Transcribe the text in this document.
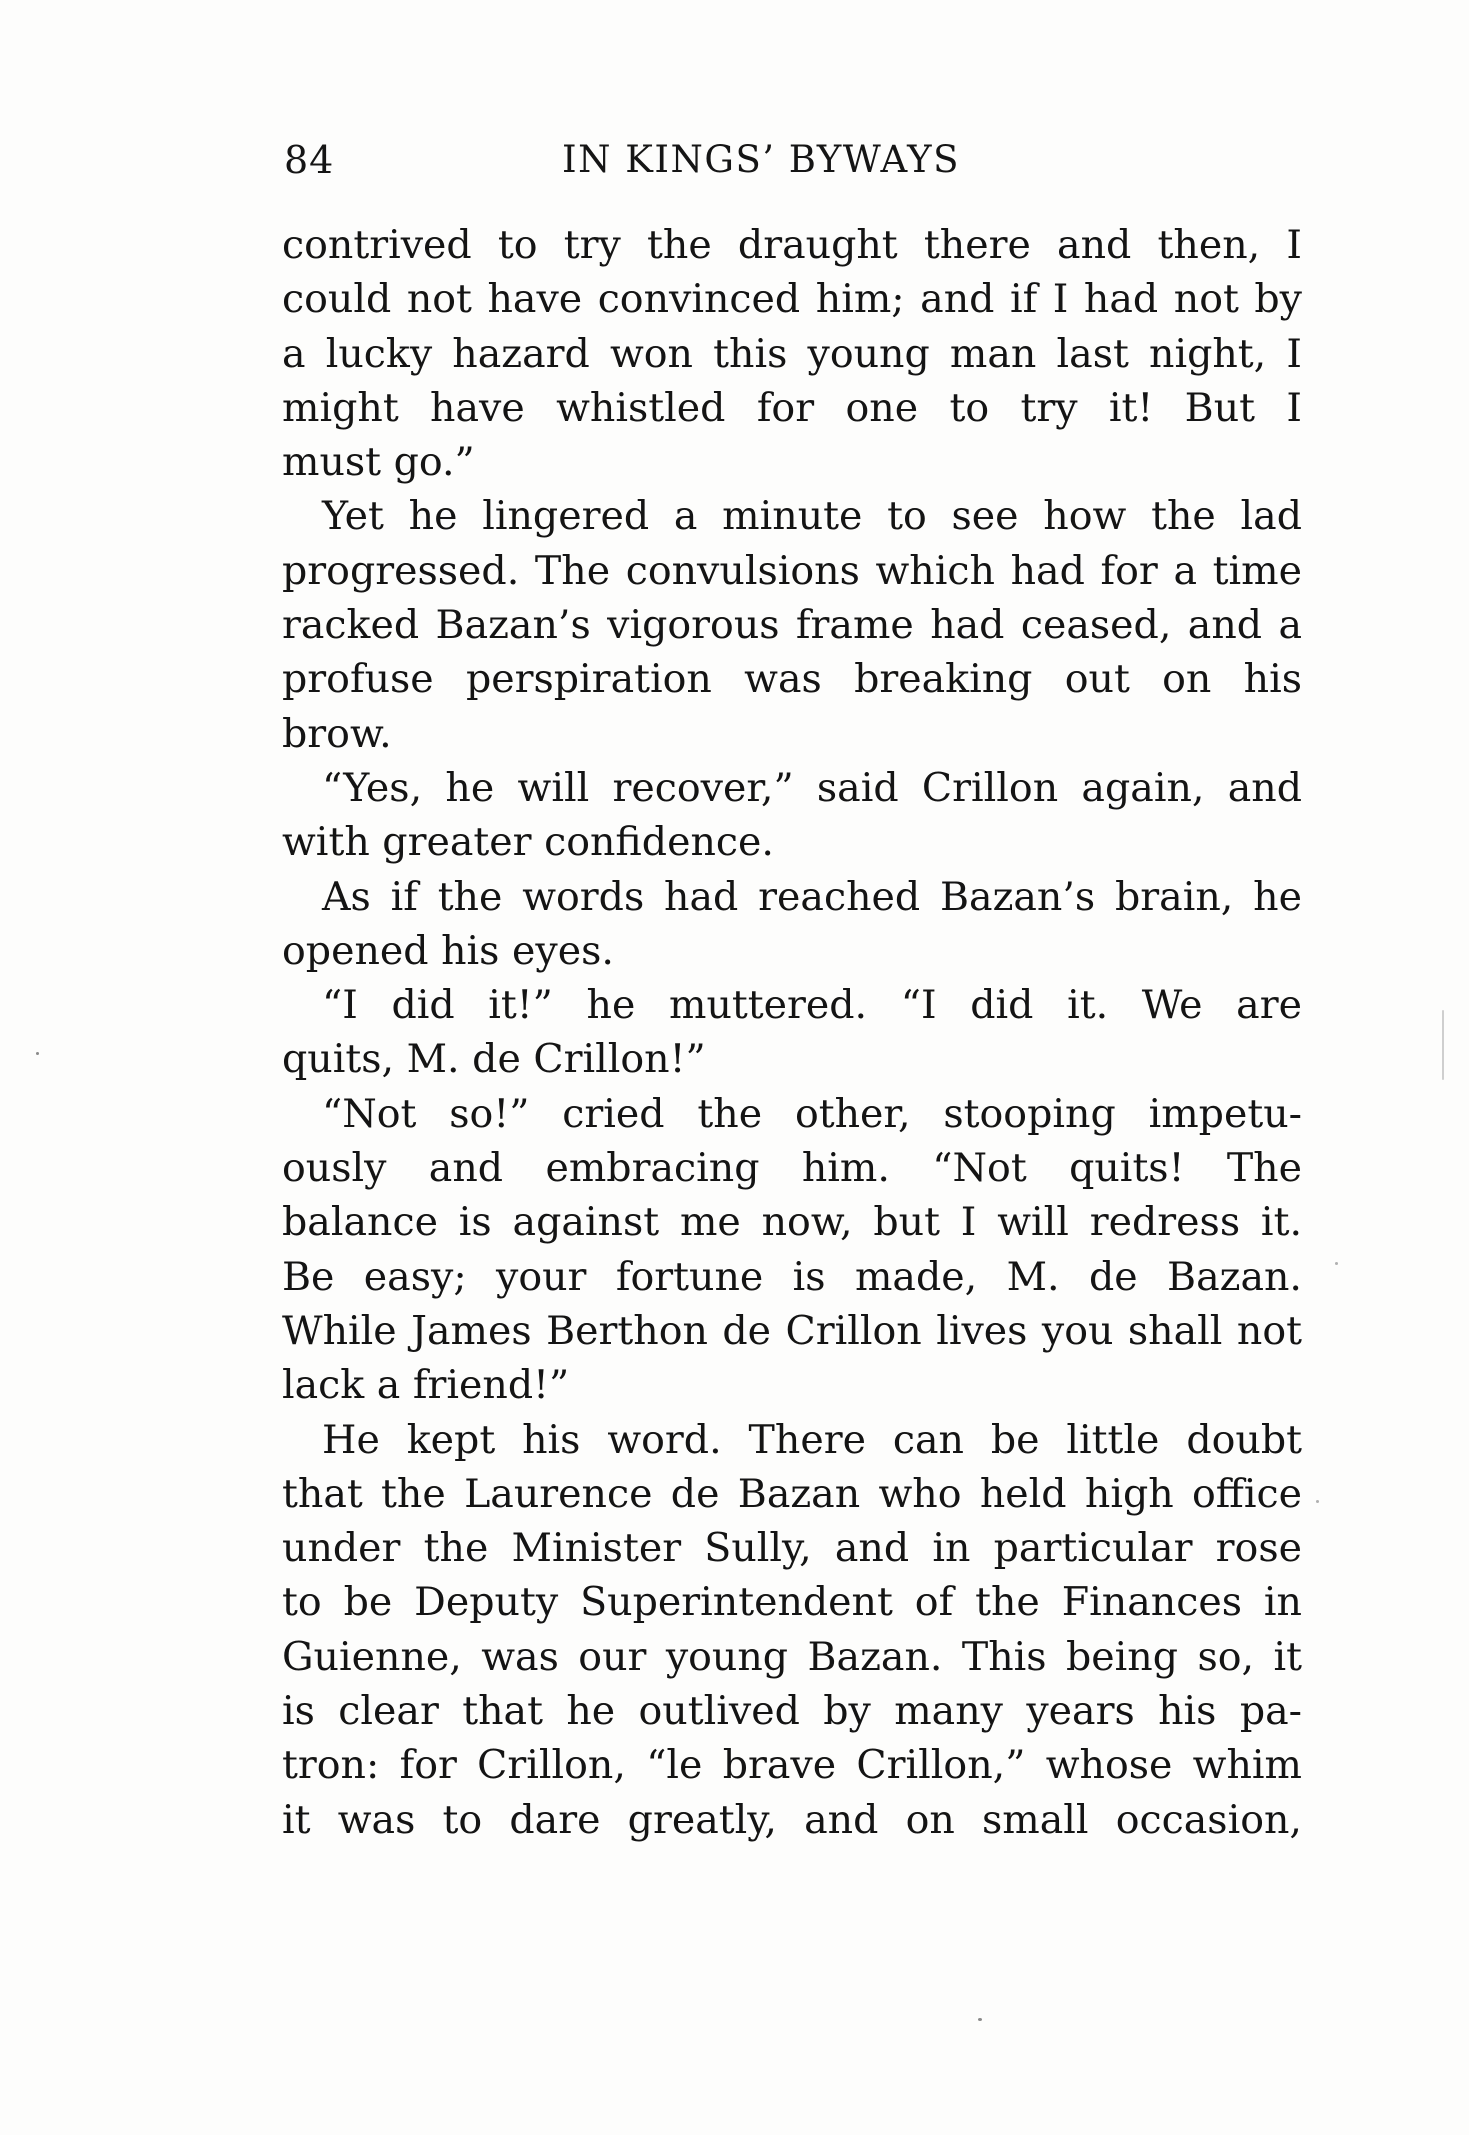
84	IN KINGS’ BYWAYS
contrived to try the draught there and then, I
could not have convinced him; and if I had not by
a lucky hazard won this young man last night, I
might have whistled for one to try it! But I
must go.”
Yet he lingered a minute to see how the lad
progressed. The convulsions which had for a time
racked Bazan’s vigorous frame had ceased, and a
profuse perspiration was breaking out on his
brow.
“Yes, he will recover,” said Crillon again, and
with greater confidence.
As if the words had reached Bazan’s brain, he
opened his eyes.
“I did it!” he muttered. “I did it. We are
quits, M. de Crillon!”
“Not so!” cried the other, stooping impetu-
ously and embracing him. “Not quits! The
balance is against me now, but I will redress it.
Be easy; your fortune is made, M. de Bazan.
While James Berthon de Crillon lives you shall not
lack a friend!”
He kept his word. There can be little doubt
that the Laurence de Bazan who held high office
under the Minister Sully, and in particular rose
to be Deputy Superintendent of the Finances in
Guienne, was our young Bazan. This being so, it
is clear that he outlived by many years his pa-
tron: for Crillon, “le brave Crillon,” whose whim
it was to dare greatly, and on small occasion,
